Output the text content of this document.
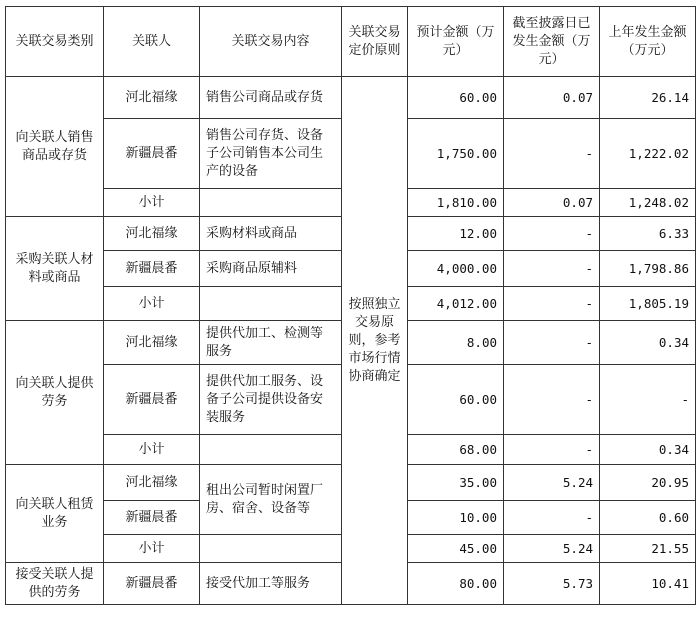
关联交易类别	关联人	关联交易内容	关联交易定价原则	预计金额（万元）	截至披露日已发生金额（万元）	上年发生金额（万元）
向关联人销售商品或存货	河北福缘	销售公司商品或存货	按照独立交易原则，参考市场行情协商确定	60.00	0.07	26.14
	新疆晨番	销售公司存货、设备子公司销售本公司生产的设备		1,750.00	-	1,222.02
	小计			1,810.00	0.07	1,248.02
采购关联人材料或商品	河北福缘	采购材料或商品		12.00	-	6.33
	新疆晨番	采购商品原辅料		4,000.00	-	1,798.86
	小计			4,012.00	-	1,805.19
向关联人提供劳务	河北福缘	提供代加工、检测等服务		8.00	-	0.34
	新疆晨番	提供代加工服务、设备子公司提供设备安装服务		60.00	-	-
	小计			68.00	-	0.34
向关联人租赁业务	河北福缘	租出公司暂时闲置厂房、宿舍、设备等		35.00	5.24	20.95
	新疆晨番			10.00	-	0.60
	小计			45.00	5.24	21.55
接受关联人提供的劳务	新疆晨番	接受代加工等服务		80.00	5.73	10.41
